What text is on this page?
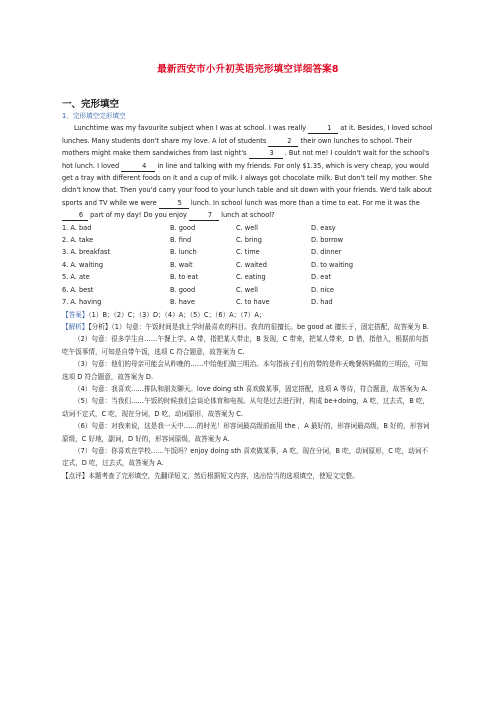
最新西安市小升初英语完形填空详细答案8
一、完形填空

1．完形填空完形填空

Lunchtime was my favourite subject when I was at school. I was really	1 at it. Besides, I loved school lunches. Many students don't share my love. A lot of students	2 their own lunches to school. Their mothers might make them sandwiches from last night's	3 . But not me! I couldn't wait for the school's hot lunch. I loved	4 in line and talking with my friends. For only $1.35, which is very cheap, you would get a tray with different foods on it and a cup of milk. I always got chocolate milk. But don't tell my mother. She didn't know that. Then you'd carry your food to your lunch table and sit down with your friends. We'd talk about sports and TV while we were	5 lunch. In school lunch was more than a time to eat. For me it was the 6 part of my day! Do you enjoy	7 lunch at school?

1. A. bad	B. good	C. well	D. easy
2. A. take	B. find	C. bring	D. borrow
3. A. breakfast	B. lunch	C. time	D. dinner
4. A. waiting	B. wait	C. waited	D. to waiting
5. A. ate	B. to eat	C. eating	D. eat
6. A. best	B. good	C. well	D. nice
7. A. having	B. have	C. to have	D. had

【答案】（1）B；（2）C；（3）D；（4）A；（5）C；（6）A；（7）A；

【解析】【分析】（1）句意：午饭时间是我上学时最喜欢的科目。我真的很擅长。be good at 擅长于，固定搭配，故答案为 B.

（2）句意：很多学生自……午餐上学。A 带，指把某人带走，B 发现，C 带来，把某人带来，D 借，指借入，根据前句指吃午饭事情，可知是自带午饭，选项 C 符合题意，故答案为 C.

（3）句意：他们的母亲可能会从昨晚的……中给他们做三明治。本句指孩子们有的带的是昨天晚餐妈妈做的三明治，可知选项 D 符合题意，故答案为 D.

（4）句意：我喜欢……排队和朋友聊天。love doing sth 喜欢做某事，固定搭配，选项 A 等待，符合题意，故答案为 A.

（5）句意：当我们……午饭的时候我们会谈论体育和电视。从句是过去进行时，构成 be+doing，A 吃，过去式，B 吃，动词不定式，C 吃，现在分词，D 吃，动词原形，故答案为 C.

（6）句意：对我来说，这是我一天中……的时光！形容词最高级前面用 the ，A 最好的，形容词最高级，B 好的，形容词原级，C 好地，副词，D 好的，形容词原级，故答案为 A.

（7）句意：你喜欢在学校……午饭吗？enjoy doing sth 喜欢做某事，A 吃，现在分词，B 吃，动词原形，C 吃，动词不定式，D 吃，过去式，故答案为 A.

【点评】本题考查了完形填空，先翻译短文，然后根据短文内容，选出恰当的选项填空，使短文完整。
